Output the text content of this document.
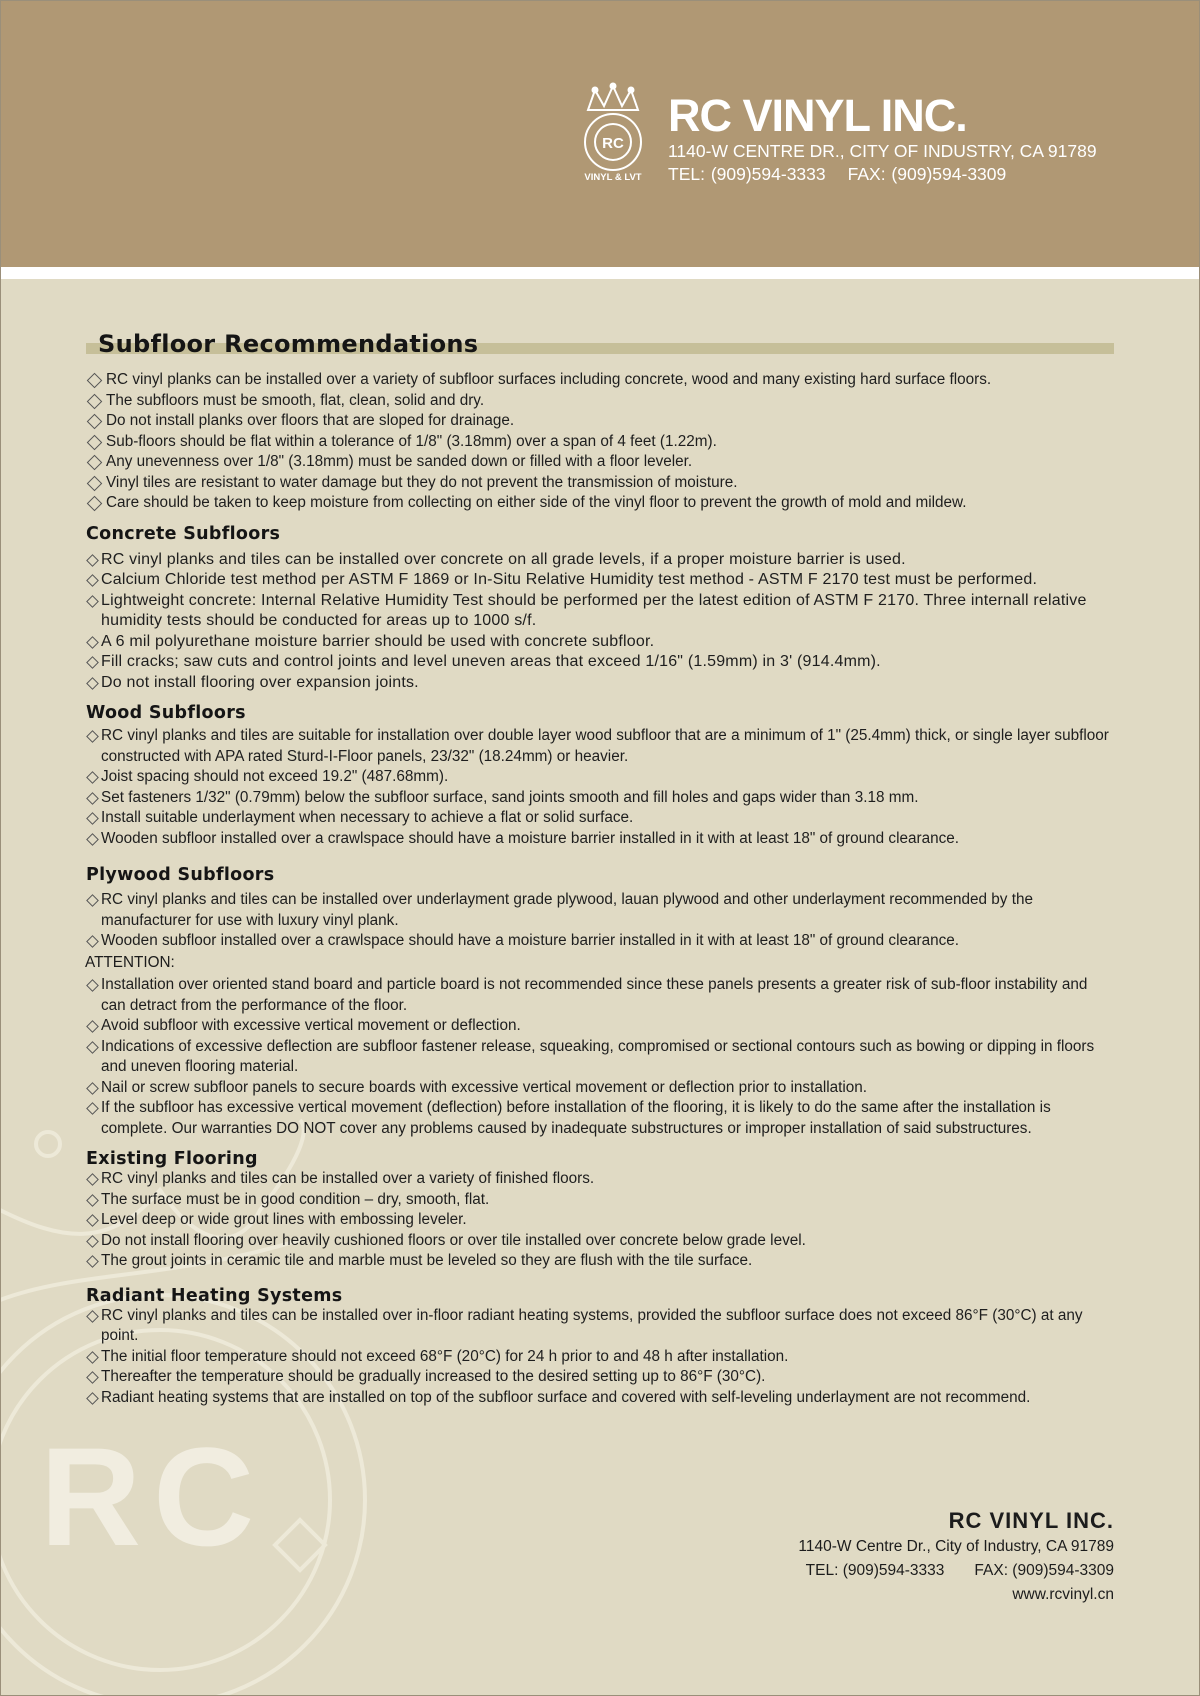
RC
VINYL & LVT
RC VINYL INC.
1140-W CENTRE DR., CITY OF INDUSTRY, CA 91789
TEL: (909)594-3333 FAX: (909)594-3309
RC
Subfloor Recommendations
RC vinyl planks can be installed over a variety of subfloor surfaces including concrete, wood and many existing hard surface floors.
The subfloors must be smooth, flat, clean, solid and dry.
Do not install planks over floors that are sloped for drainage.
Sub-floors should be flat within a tolerance of 1/8" (3.18mm) over a span of 4 feet (1.22m).
Any unevenness over 1/8" (3.18mm) must be sanded down or filled with a floor leveler.
Vinyl tiles are resistant to water damage but they do not prevent the transmission of moisture.
Care should be taken to keep moisture from collecting on either side of the vinyl floor to prevent the growth of mold and mildew.
Concrete Subfloors
RC vinyl planks and tiles can be installed over concrete on all grade levels, if a proper moisture barrier is used.
Calcium Chloride test method per ASTM F 1869 or In-Situ Relative Humidity test method - ASTM F 2170 test must be performed.
Lightweight concrete: Internal Relative Humidity Test should be performed per the latest edition of ASTM F 2170. Three internall relative humidity tests should be conducted for areas up to 1000 s/f.
A 6 mil polyurethane moisture barrier should be used with concrete subfloor.
Fill cracks; saw cuts and control joints and level uneven areas that exceed 1/16" (1.59mm) in 3' (914.4mm).
Do not install flooring over expansion joints.
Wood Subfloors
RC vinyl planks and tiles are suitable for installation over double layer wood subfloor that are a minimum of 1" (25.4mm) thick, or single layer subfloor constructed with APA rated Sturd-I-Floor panels, 23/32" (18.24mm) or heavier.
Joist spacing should not exceed 19.2" (487.68mm).
Set fasteners 1/32" (0.79mm) below the subfloor surface, sand joints smooth and fill holes and gaps wider than 3.18 mm.
Install suitable underlayment when necessary to achieve a flat or solid surface.
Wooden subfloor installed over a crawlspace should have a moisture barrier installed in it with at least 18" of ground clearance.
Plywood Subfloors
RC vinyl planks and tiles can be installed over underlayment grade plywood, lauan plywood and other underlayment recommended by the manufacturer for use with luxury vinyl plank.
Wooden subfloor installed over a crawlspace should have a moisture barrier installed in it with at least 18" of ground clearance.
ATTENTION:
Installation over oriented stand board and particle board is not recommended since these panels presents a greater risk of sub-floor instability and can detract from the performance of the floor.
Avoid subfloor with excessive vertical movement or deflection.
Indications of excessive deflection are subfloor fastener release, squeaking, compromised or sectional contours such as bowing or dipping in floors and uneven flooring material.
Nail or screw subfloor panels to secure boards with excessive vertical movement or deflection prior to installation.
If the subfloor has excessive vertical movement (deflection) before installation of the flooring, it is likely to do the same after the installation is complete. Our warranties DO NOT cover any problems caused by inadequate substructures or improper installation of said substructures.
Existing Flooring
RC vinyl planks and tiles can be installed over a variety of finished floors.
The surface must be in good condition – dry, smooth, flat.
Level deep or wide grout lines with embossing leveler.
Do not install flooring over heavily cushioned floors or over tile installed over concrete below grade level.
The grout joints in ceramic tile and marble must be leveled so they are flush with the tile surface.
Radiant Heating Systems
RC vinyl planks and tiles can be installed over in-floor radiant heating systems, provided the subfloor surface does not exceed 86°F (30°C) at any point.
The initial floor temperature should not exceed 68°F (20°C) for 24 h prior to and 48 h after installation.
Thereafter the temperature should be gradually increased to the desired setting up to 86°F (30°C).
Radiant heating systems that are installed on top of the subfloor surface and covered with self-leveling underlayment are not recommend.
RC VINYL INC.
1140-W Centre Dr., City of Industry, CA 91789
TEL: (909)594-3333 FAX: (909)594-3309
www.rcvinyl.cn
